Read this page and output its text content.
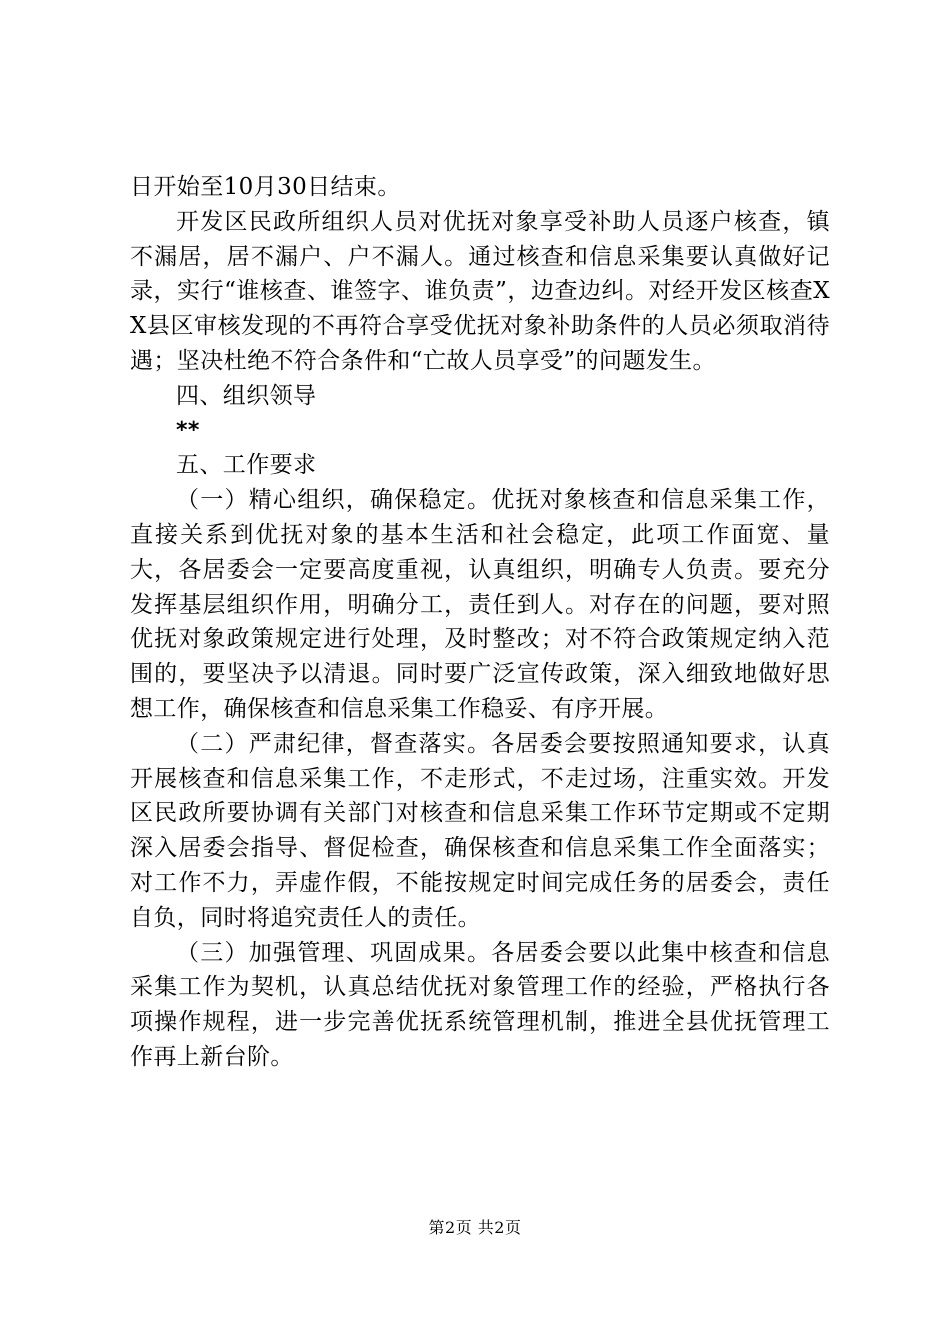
日开始至10月30日结束。

开发区民政所组织人员对优抚对象享受补助人员逐户核查，镇不漏居，居不漏户、户不漏人。通过核查和信息采集要认真做好记录，实行“谁核查、谁签字、谁负责”，边查边纠。对经开发区核查XX县区审核发现的不再符合享受优抚对象补助条件的人员必须取消待遇；坚决杜绝不符合条件和“亡故人员享受”的问题发生。

四、组织领导

**

五、工作要求

（一）精心组织，确保稳定。优抚对象核查和信息采集工作，直接关系到优抚对象的基本生活和社会稳定，此项工作面宽、量大，各居委会一定要高度重视，认真组织，明确专人负责。要充分发挥基层组织作用，明确分工，责任到人。对存在的问题，要对照优抚对象政策规定进行处理，及时整改；对不符合政策规定纳入范围的，要坚决予以清退。同时要广泛宣传政策，深入细致地做好思想工作，确保核查和信息采集工作稳妥、有序开展。

（二）严肃纪律，督查落实。各居委会要按照通知要求，认真开展核查和信息采集工作，不走形式，不走过场，注重实效。开发区民政所要协调有关部门对核查和信息采集工作环节定期或不定期深入居委会指导、督促检查，确保核查和信息采集工作全面落实；对工作不力，弄虚作假，不能按规定时间完成任务的居委会，责任自负，同时将追究责任人的责任。

（三）加强管理、巩固成果。各居委会要以此集中核查和信息采集工作为契机，认真总结优抚对象管理工作的经验，严格执行各项操作规程，进一步完善优抚系统管理机制，推进全县优抚管理工作再上新台阶。

第2页 共2页
